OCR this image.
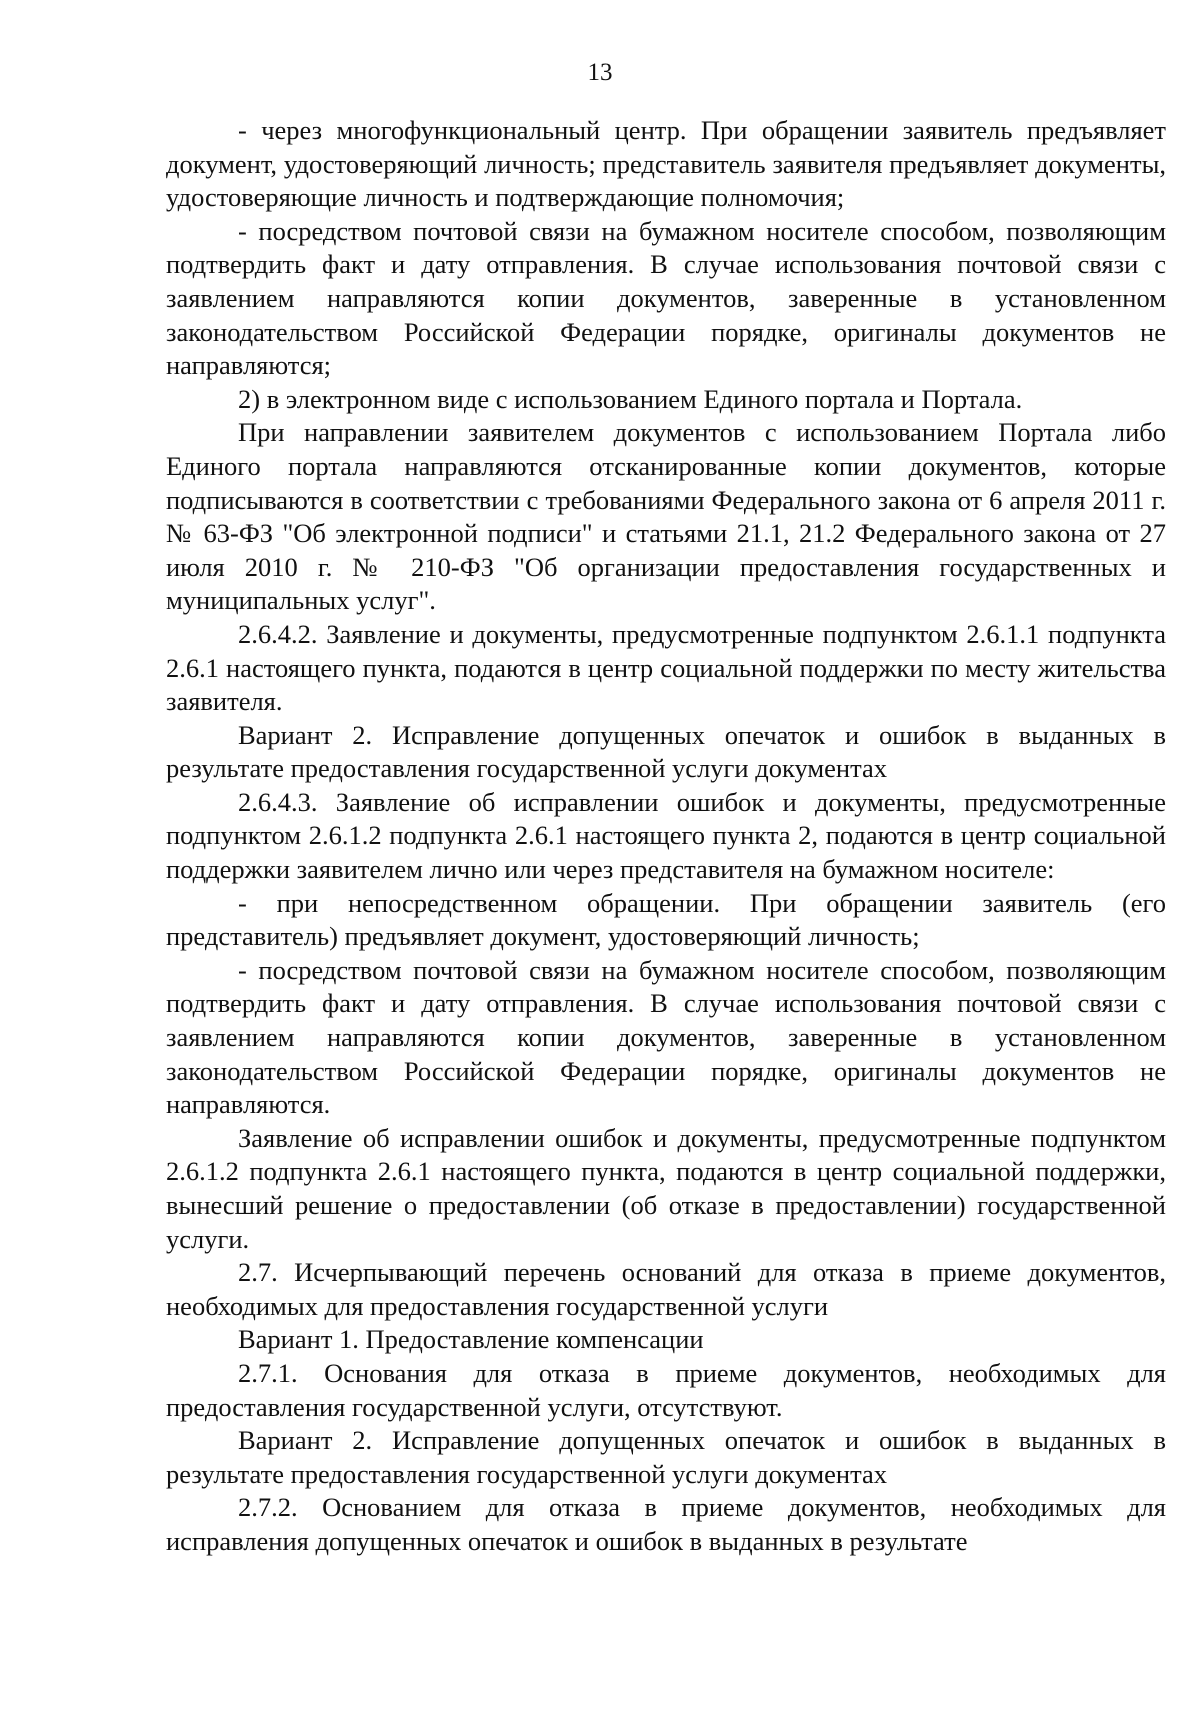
13

- через многофункциональный центр. При обращении заявитель предъявляет документ, удостоверяющий личность; представитель заявителя предъявляет документы, удостоверяющие личность и подтверждающие полномочия;

- посредством почтовой связи на бумажном носителе способом, позволяющим подтвердить факт и дату отправления. В случае использования почтовой связи с заявлением направляются копии документов, заверенные в установленном законодательством Российской Федерации порядке, оригиналы документов не направляются;

2) в электронном виде с использованием Единого портала и Портала.

При направлении заявителем документов с использованием Портала либо Единого портала направляются отсканированные копии документов, которые подписываются в соответствии с требованиями Федерального закона от 6 апреля 2011 г. № 63-ФЗ "Об электронной подписи" и статьями 21.1, 21.2 Федерального закона от 27 июля 2010 г. № 210-ФЗ "Об организации предоставления государственных и муниципальных услуг".

2.6.4.2. Заявление и документы, предусмотренные подпунктом 2.6.1.1 подпункта 2.6.1 настоящего пункта, подаются в центр социальной поддержки по месту жительства заявителя.

Вариант 2. Исправление допущенных опечаток и ошибок в выданных в результате предоставления государственной услуги документах

2.6.4.3. Заявление об исправлении ошибок и документы, предусмотренные подпунктом 2.6.1.2 подпункта 2.6.1 настоящего пункта 2, подаются в центр социальной поддержки заявителем лично или через представителя на бумажном носителе:

- при непосредственном обращении. При обращении заявитель (его представитель) предъявляет документ, удостоверяющий личность;

- посредством почтовой связи на бумажном носителе способом, позволяющим подтвердить факт и дату отправления. В случае использования почтовой связи с заявлением направляются копии документов, заверенные в установленном законодательством Российской Федерации порядке, оригиналы документов не направляются.

Заявление об исправлении ошибок и документы, предусмотренные подпунктом 2.6.1.2 подпункта 2.6.1 настоящего пункта, подаются в центр социальной поддержки, вынесший решение о предоставлении (об отказе в предоставлении) государственной услуги.

2.7. Исчерпывающий перечень оснований для отказа в приеме документов, необходимых для предоставления государственной услуги

Вариант 1. Предоставление компенсации

2.7.1. Основания для отказа в приеме документов, необходимых для предоставления государственной услуги, отсутствуют.

Вариант 2. Исправление допущенных опечаток и ошибок в выданных в результате предоставления государственной услуги документах

2.7.2. Основанием для отказа в приеме документов, необходимых для исправления допущенных опечаток и ошибок в выданных в результате
